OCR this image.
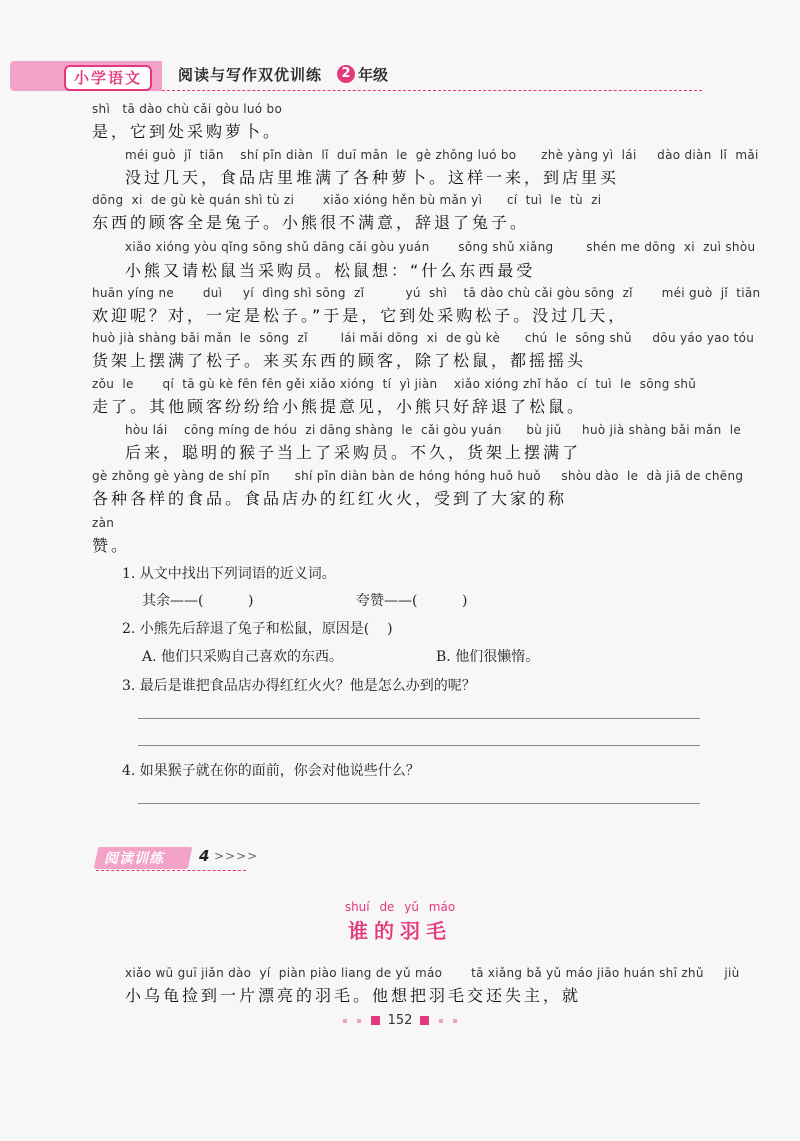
小学语文	阅读与写作双优训练	2 年级
shì   tā dào chù cǎi gòu luó bo
是，它到处采购萝卜。
méi guò  jǐ  tiān    shí pǐn diàn  lǐ  duī mǎn  le  gè zhǒng luó bo      zhè yàng yì  lái     dào diàn  lǐ  mǎi
没过几天，食品店里堆满了各种萝卜。这样一来，到店里买
dōng  xi  de gù kè quán shì tù zi       xiǎo xióng hěn bù mǎn yì      cí  tuì  le  tù  zi
东西的顾客全是兔子。小熊很不满意，辞退了兔子。
xiǎo xióng yòu qǐng sōng shǔ dāng cǎi gòu yuán       sōng shǔ xiǎng        shén me dōng  xi  zuì shòu
小熊又请松鼠当采购员。松鼠想：“什么东西最受
huān yíng ne       duì     yí  dìng shì sōng  zǐ          yú  shì    tā dào chù cǎi gòu sōng  zǐ       méi guò  jǐ  tiān
欢迎呢？对，一定是松子。”于是，它到处采购松子。没过几天，
huò jià shàng bǎi mǎn  le  sōng  zǐ        lái mǎi dōng  xi  de gù kè      chú  le  sōng shǔ     dōu yáo yao tóu
货架上摆满了松子。来买东西的顾客，除了松鼠，都摇摇头
zǒu  le       qí  tā gù kè fēn fēn gěi xiǎo xióng  tí  yì jiàn    xiǎo xióng zhǐ hǎo  cí  tuì  le  sōng shǔ
走了。其他顾客纷纷给小熊提意见，小熊只好辞退了松鼠。
hòu lái    cōng míng de hóu  zi dāng shàng  le  cǎi gòu yuán      bù jiǔ     huò jià shàng bǎi mǎn  le
后来，聪明的猴子当上了采购员。不久，货架上摆满了
gè zhǒng gè yàng de shí pǐn      shí pǐn diàn bàn de hóng hóng huǒ huǒ     shòu dào  le  dà jiā de chēng
各种各样的食品。食品店办的红红火火，受到了大家的称
zàn
赞。
1. 从文中找出下列词语的近义词。
其余——(          )	夸赞——(          )
2. 小熊先后辞退了兔子和松鼠，原因是(    )
A. 他们只采购自己喜欢的东西。	B. 他们很懒惰。
3. 最后是谁把食品店办得红红火火？他是怎么办到的呢？
4. 如果猴子就在你的面前，你会对他说些什么？
阅读训练 4 >>>>
shuí de yǔ máo
谁的羽毛
xiǎo wū guī jiǎn dào  yí  piàn piào liang de yǔ máo       tā xiǎng bǎ yǔ máo jiāo huán shī zhǔ     jiù
小乌龟捡到一片漂亮的羽毛。他想把羽毛交还失主，就
152
